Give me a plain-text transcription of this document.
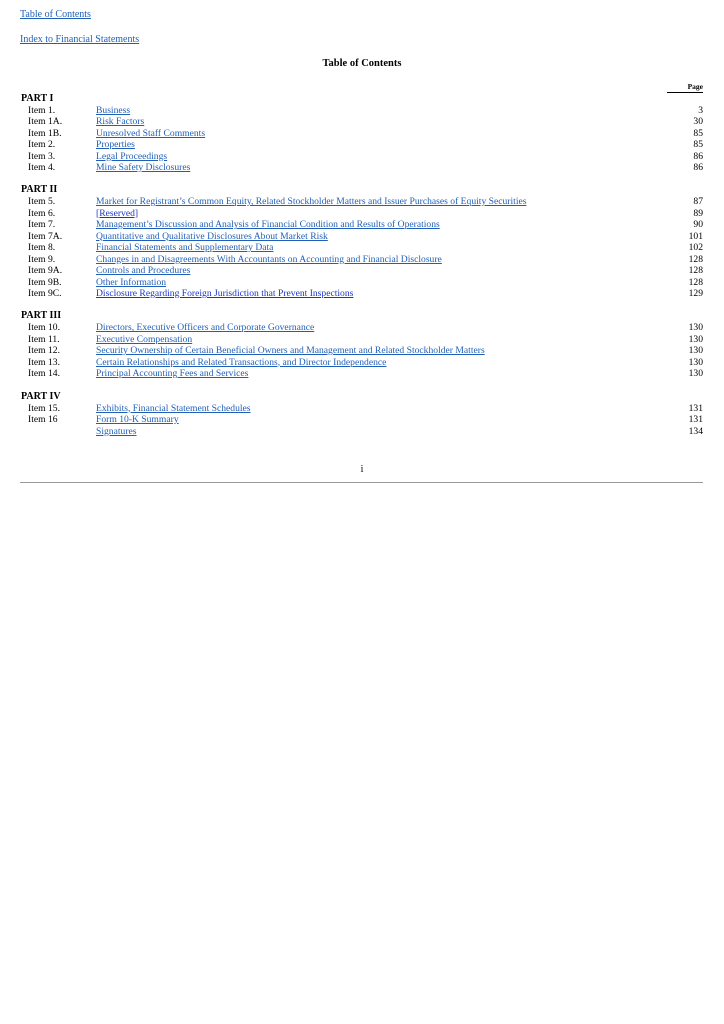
Table of Contents
Index to Financial Statements
Table of Contents
Page
PART I
Item 1.	Business	3
Item 1A.	Risk Factors	30
Item 1B.	Unresolved Staff Comments	85
Item 2.	Properties	85
Item 3.	Legal Proceedings	86
Item 4.	Mine Safety Disclosures	86
PART II
Item 5.	Market for Registrant’s Common Equity, Related Stockholder Matters and Issuer Purchases of Equity Securities	87
Item 6.	[Reserved]	89
Item 7.	Management’s Discussion and Analysis of Financial Condition and Results of Operations	90
Item 7A.	Quantitative and Qualitative Disclosures About Market Risk	101
Item 8.	Financial Statements and Supplementary Data	102
Item 9.	Changes in and Disagreements With Accountants on Accounting and Financial Disclosure	128
Item 9A.	Controls and Procedures	128
Item 9B.	Other Information	128
Item 9C.	Disclosure Regarding Foreign Jurisdiction that Prevent Inspections	129
PART III
Item 10.	Directors, Executive Officers and Corporate Governance	130
Item 11.	Executive Compensation	130
Item 12.	Security Ownership of Certain Beneficial Owners and Management and Related Stockholder Matters	130
Item 13.	Certain Relationships and Related Transactions, and Director Independence	130
Item 14.	Principal Accounting Fees and Services	130
PART IV
Item 15.	Exhibits, Financial Statement Schedules	131
Item 16	Form 10-K Summary	131
Signatures	134
i
